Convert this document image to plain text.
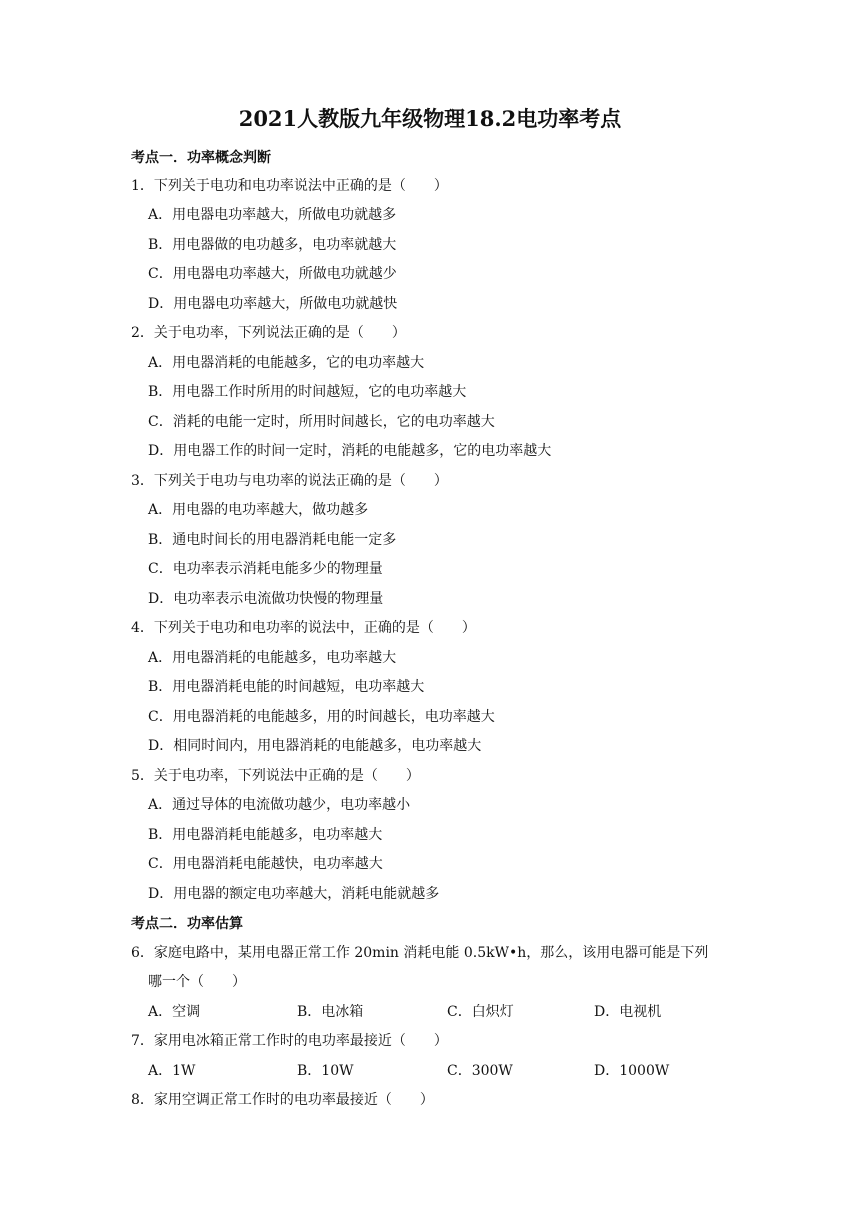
2021人教版九年级物理18.2电功率考点
考点一．功率概念判断
1．下列关于电功和电功率说法中正确的是（　　）
A．用电器电功率越大，所做电功就越多
B．用电器做的电功越多，电功率就越大
C．用电器电功率越大，所做电功就越少
D．用电器电功率越大，所做电功就越快
2．关于电功率，下列说法正确的是（　　）
A．用电器消耗的电能越多，它的电功率越大
B．用电器工作时所用的时间越短，它的电功率越大
C．消耗的电能一定时，所用时间越长，它的电功率越大
D．用电器工作的时间一定时，消耗的电能越多，它的电功率越大
3．下列关于电功与电功率的说法正确的是（　　）
A．用电器的电功率越大，做功越多
B．通电时间长的用电器消耗电能一定多
C．电功率表示消耗电能多少的物理量
D．电功率表示电流做功快慢的物理量
4．下列关于电功和电功率的说法中，正确的是（　　）
A．用电器消耗的电能越多，电功率越大
B．用电器消耗电能的时间越短，电功率越大
C．用电器消耗的电能越多，用的时间越长，电功率越大
D．相同时间内，用电器消耗的电能越多，电功率越大
5．关于电功率，下列说法中正确的是（　　）
A．通过导体的电流做功越少，电功率越小
B．用电器消耗电能越多，电功率越大
C．用电器消耗电能越快，电功率越大
D．用电器的额定电功率越大，消耗电能就越多
考点二．功率估算
6．家庭电路中，某用电器正常工作 20min 消耗电能 0.5kW•h，那么，该用电器可能是下列
哪一个（　　）
A．空调	B．电冰箱	C．白炽灯	D．电视机
7．家用电冰箱正常工作时的电功率最接近（　　）
A．1W	B．10W	C．300W	D．1000W
8．家用空调正常工作时的电功率最接近（　　）
